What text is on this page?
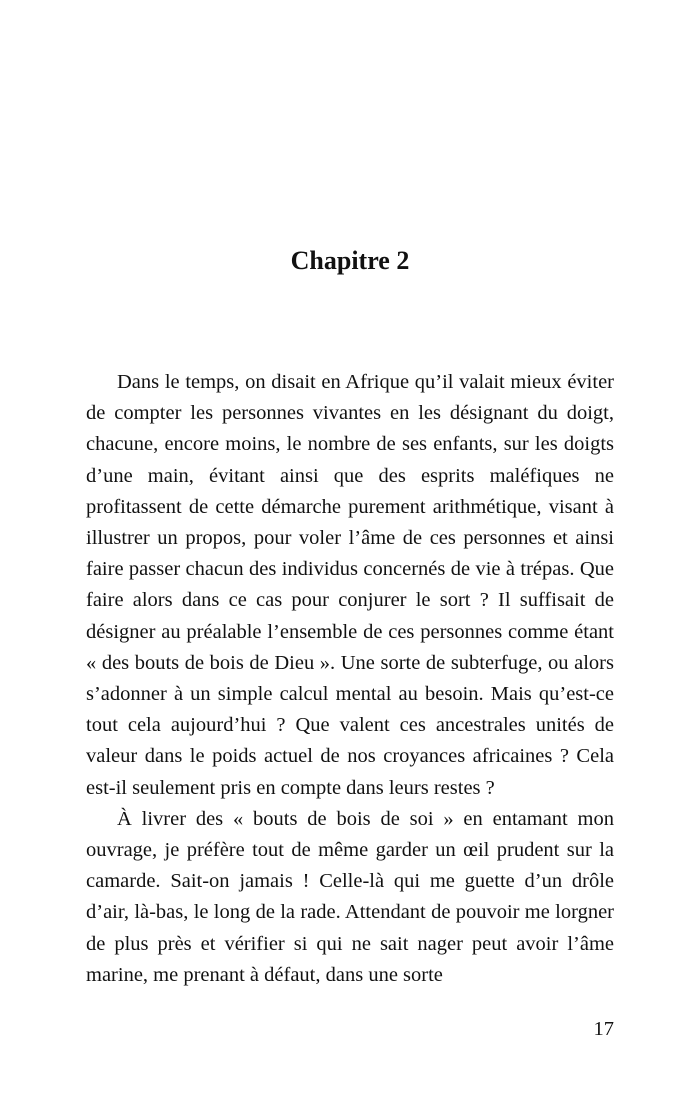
Chapitre 2

Dans le temps, on disait en Afrique qu’il valait mieux éviter de compter les personnes vivantes en les désignant du doigt, chacune, encore moins, le nombre de ses enfants, sur les doigts d’une main, évitant ainsi que des esprits maléfiques ne profitassent de cette démarche purement arithmétique, visant à illustrer un propos, pour voler l’âme de ces personnes et ainsi faire passer chacun des individus concernés de vie à trépas. Que faire alors dans ce cas pour conjurer le sort ? Il suffisait de désigner au préalable l’ensemble de ces personnes comme étant « des bouts de bois de Dieu ». Une sorte de subterfuge, ou alors s’adonner à un simple calcul mental au besoin. Mais qu’est-ce tout cela aujourd’hui ? Que valent ces ancestrales unités de valeur dans le poids actuel de nos croyances africaines ? Cela est-il seulement pris en compte dans leurs restes ?

À livrer des « bouts de bois de soi » en entamant mon ouvrage, je préfère tout de même garder un œil prudent sur la camarde. Sait-on jamais ! Celle-là qui me guette d’un drôle d’air, là-bas, le long de la rade. Attendant de pouvoir me lorgner de plus près et vérifier si qui ne sait nager peut avoir l’âme marine, me prenant à défaut, dans une sorte

17
